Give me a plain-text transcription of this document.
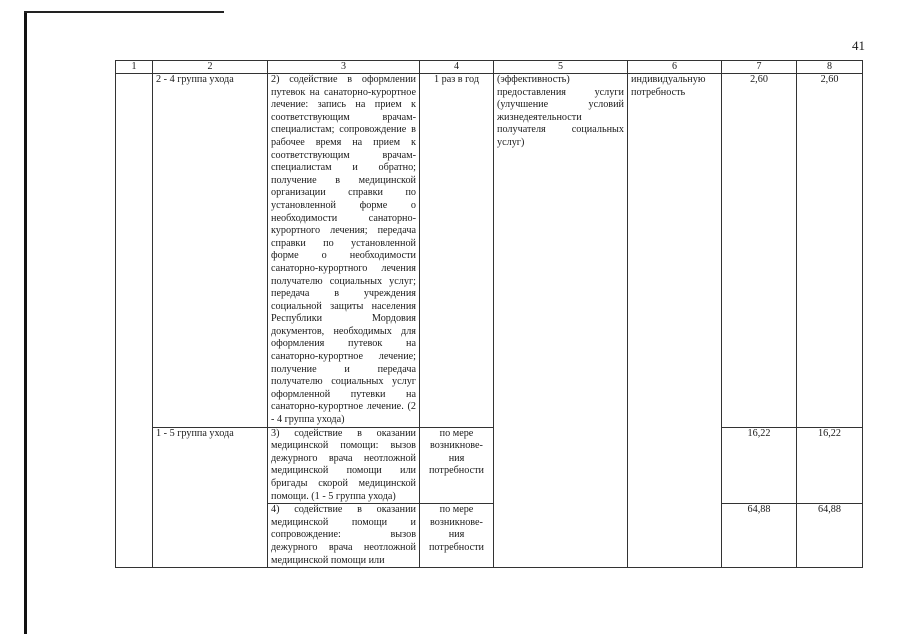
41
1	2	3	4	5	6	7	8
	2 - 4 группа ухода	2) содействие в оформлении путевок на санаторно-курортное лечение: запись на прием к соответствующим врачам-специалистам; сопровождение в рабочее время на прием к соответствующим врачам-специалистам и обратно; получение в медицинской организации справки по установленной форме о необходимости санаторно-курортного лечения; передача справки по установленной форме о необходимости санаторно-курортного лечения получателю социальных услуг; передача в учреждения социальной защиты населения Республики Мордовия документов, необходимых для оформления путевок на санаторно-курортное лечение; получение и передача получателю социальных услуг оформленной путевки на санаторно-курортное лечение. (2 - 4 группа ухода)	1 раз в год	(эффективность) предоставления услуги (улучшение условий жизнедеятельности получателя социальных услуг)	индивидуальную потребность	2,60	2,60
	1 - 5 группа ухода	3) содействие в оказании медицинской помощи: вызов дежурного врача неотложной медицинской помощи или бригады скорой медицинской помощи. (1 - 5 группа ухода)	по мере возникнове-ния потребности			16,22	16,22
		4) содействие в оказании медицинской помощи и сопровождение: вызов дежурного врача неотложной медицинской помощи или	по мере возникнове-ния потребности			64,88	64,88
